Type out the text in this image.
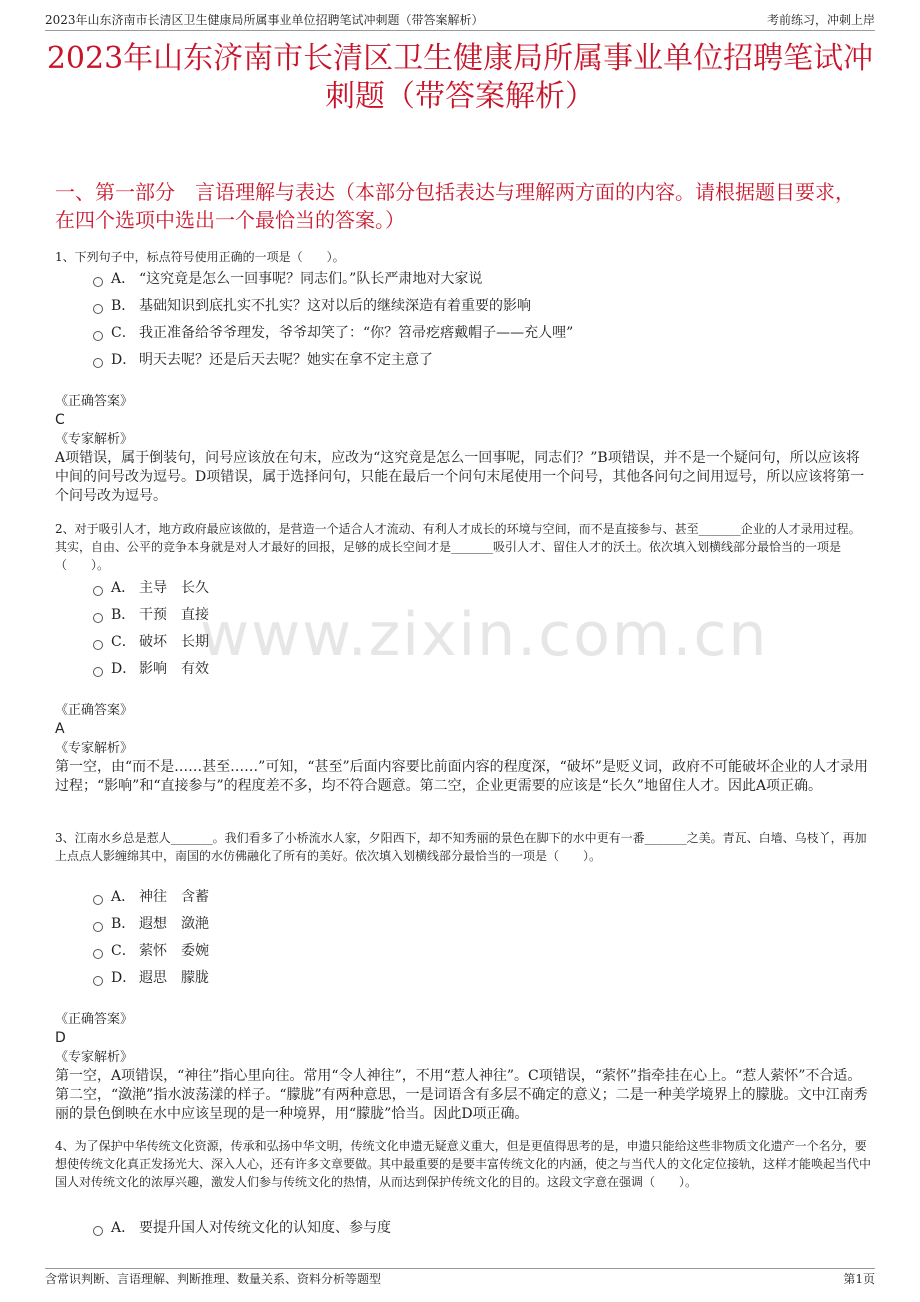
2023年山东济南市长清区卫生健康局所属事业单位招聘笔试冲刺题（带答案解析）	考前练习，冲刺上岸
2023年山东济南市长清区卫生健康局所属事业单位招聘笔试冲刺题（带答案解析）
一、第一部分　言语理解与表达（本部分包括表达与理解两方面的内容。请根据题目要求，在四个选项中选出一个最恰当的答案。）
www.zixin.com.cn

1、下列句子中，标点符号使用正确的一项是（　　）。

A． “这究竟是怎么一回事呢？同志们。”队长严肃地对大家说
B． 基础知识到底扎实不扎实？这对以后的继续深造有着重要的影响
C． 我正准备给爷爷理发，爷爷却笑了：“你？笤帚疙瘩戴帽子——充人哩”
D． 明天去呢？还是后天去呢？她实在拿不定主意了
《正确答案》
C
《专家解析》

A项错误，属于倒装句，问号应该放在句末，应改为“这究竟是怎么一回事呢，同志们？”B项错误，并不是一个疑问句，所以应该将中间的问号改为逗号。D项错误，属于选择问句，只能在最后一个问句末尾使用一个问号，其他各问句之间用逗号，所以应该将第一个问号改为逗号。

2、对于吸引人才，地方政府最应该做的，是营造一个适合人才流动、有利人才成长的环境与空间，而不是直接参与、甚至_______企业的人才录用过程。其实，自由、公平的竞争本身就是对人才最好的回报，足够的成长空间才是_______吸引人才、留住人才的沃土。依次填入划横线部分最恰当的一项是（　　）。

A． 主导　长久
B． 干预　直接
C． 破坏　长期
D． 影响　有效
《正确答案》
A
《专家解析》

第一空，由“而不是……甚至……”可知，“甚至”后面内容要比前面内容的程度深，“破坏”是贬义词，政府不可能破坏企业的人才录用过程；“影响”和“直接参与”的程度差不多，均不符合题意。第二空，企业更需要的应该是“长久”地留住人才。因此A项正确。

3、江南水乡总是惹人_______。我们看多了小桥流水人家，夕阳西下，却不知秀丽的景色在脚下的水中更有一番_______之美。青瓦、白墙、乌枝丫，再加上点点人影缠绵其中，南国的水仿佛融化了所有的美好。依次填入划横线部分最恰当的一项是（　　）。

A． 神往　含蓄
B． 遐想　潋滟
C． 萦怀　委婉
D． 遐思　朦胧
《正确答案》
D
《专家解析》

第一空，A项错误，“神往”指心里向往。常用“令人神往”，不用“惹人神往”。C项错误，“萦怀”指牵挂在心上。“惹人萦怀”不合适。第二空，“潋滟”指水波荡漾的样子。“朦胧”有两种意思，一是词语含有多层不确定的意义；二是一种美学境界上的朦胧。文中江南秀丽的景色倒映在水中应该呈现的是一种境界，用“朦胧”恰当。因此D项正确。

4、为了保护中华传统文化资源，传承和弘扬中华文明，传统文化申遗无疑意义重大，但是更值得思考的是，申遗只能给这些非物质文化遗产一个名分，要想使传统文化真正发扬光大、深入人心，还有许多文章要做。其中最重要的是要丰富传统文化的内涵，使之与当代人的文化定位接轨，这样才能唤起当代中国人对传统文化的浓厚兴趣，激发人们参与传统文化的热情，从而达到保护传统文化的目的。这段文字意在强调（　　）。

A． 要提升国人对传统文化的认知度、参与度
含常识判断、言语理解、判断推理、数量关系、资料分析等题型	第1页
